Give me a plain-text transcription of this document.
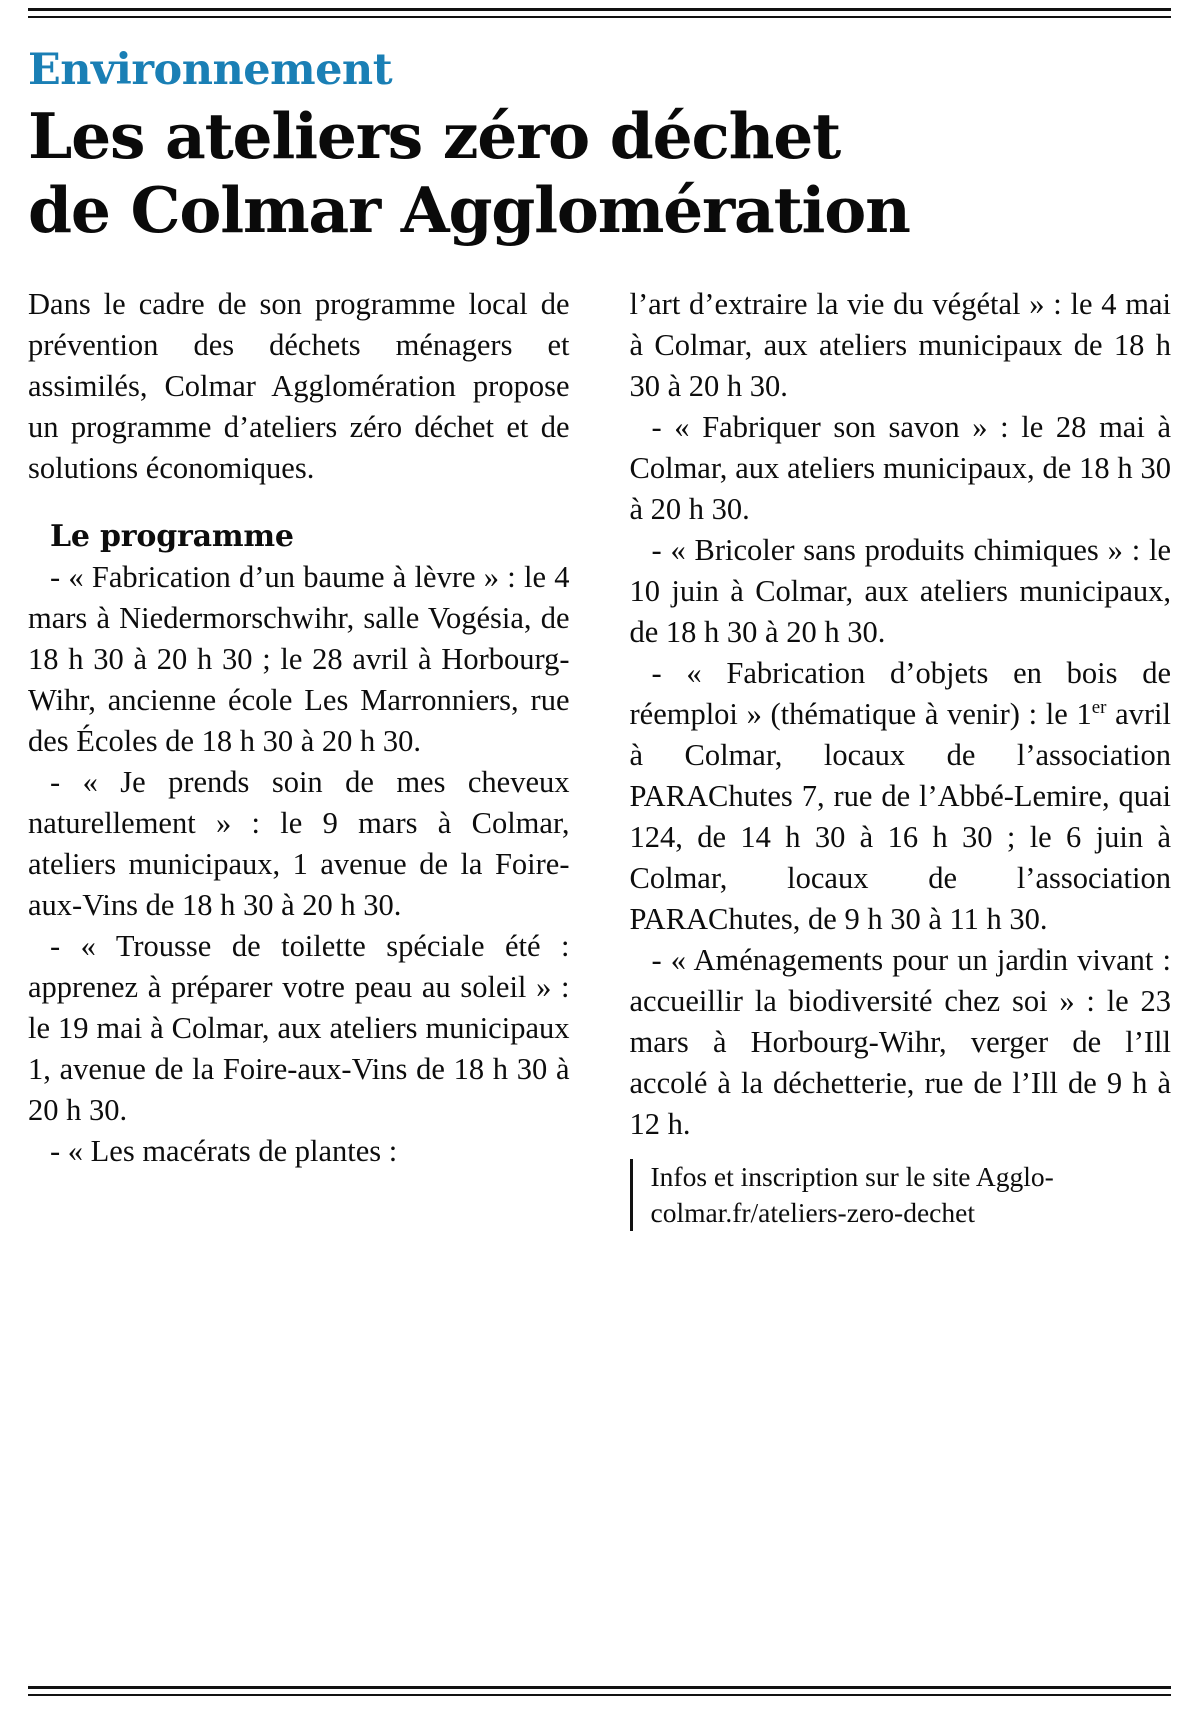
Environnement
Les ateliers zéro déchet
de Colmar Agglomération

Dans le cadre de son programme local de prévention des déchets ménagers et assimilés, Colmar Agglomération propose un programme d’ateliers zéro déchet et de solutions économiques.

Le programme

- « Fabrication d’un baume à lèvre » : le 4 mars à Niedermorschwihr, salle Vogésia, de 18 h 30 à 20 h 30 ; le 28 avril à Horbourg-Wihr, ancienne école Les Marronniers, rue des Écoles de 18 h 30 à 20 h 30.

- « Je prends soin de mes cheveux naturellement » : le 9 mars à Colmar, ateliers municipaux, 1 avenue de la Foire-aux-Vins de 18 h 30 à 20 h 30.

- « Trousse de toilette spéciale été : apprenez à préparer votre peau au soleil » : le 19 mai à Colmar, aux ateliers municipaux 1, avenue de la Foire-aux-Vins de 18 h 30 à 20 h 30.

- « Les macérats de plantes :

l’art d’extraire la vie du végétal » : le 4 mai à Colmar, aux ateliers municipaux de 18 h 30 à 20 h 30.

- « Fabriquer son savon » : le 28 mai à Colmar, aux ateliers municipaux, de 18 h 30 à 20 h 30.

- « Bricoler sans produits chimiques » : le 10 juin à Colmar, aux ateliers municipaux, de 18 h 30 à 20 h 30.

- « Fabrication d’objets en bois de réemploi » (thématique à venir) : le 1er avril à Colmar, locaux de l’association PARAChutes 7, rue de l’Abbé-Lemire, quai 124, de 14 h 30 à 16 h 30 ; le 6 juin à Colmar, locaux de l’association PARAChutes, de 9 h 30 à 11 h 30.

- « Aménagements pour un jardin vivant : accueillir la biodiversité chez soi » : le 23 mars à Horbourg-Wihr, verger de l’Ill accolé à la déchetterie, rue de l’Ill de 9 h à 12 h.

Infos et inscription sur le site Agglo-colmar.fr/ateliers-zero-dechet
